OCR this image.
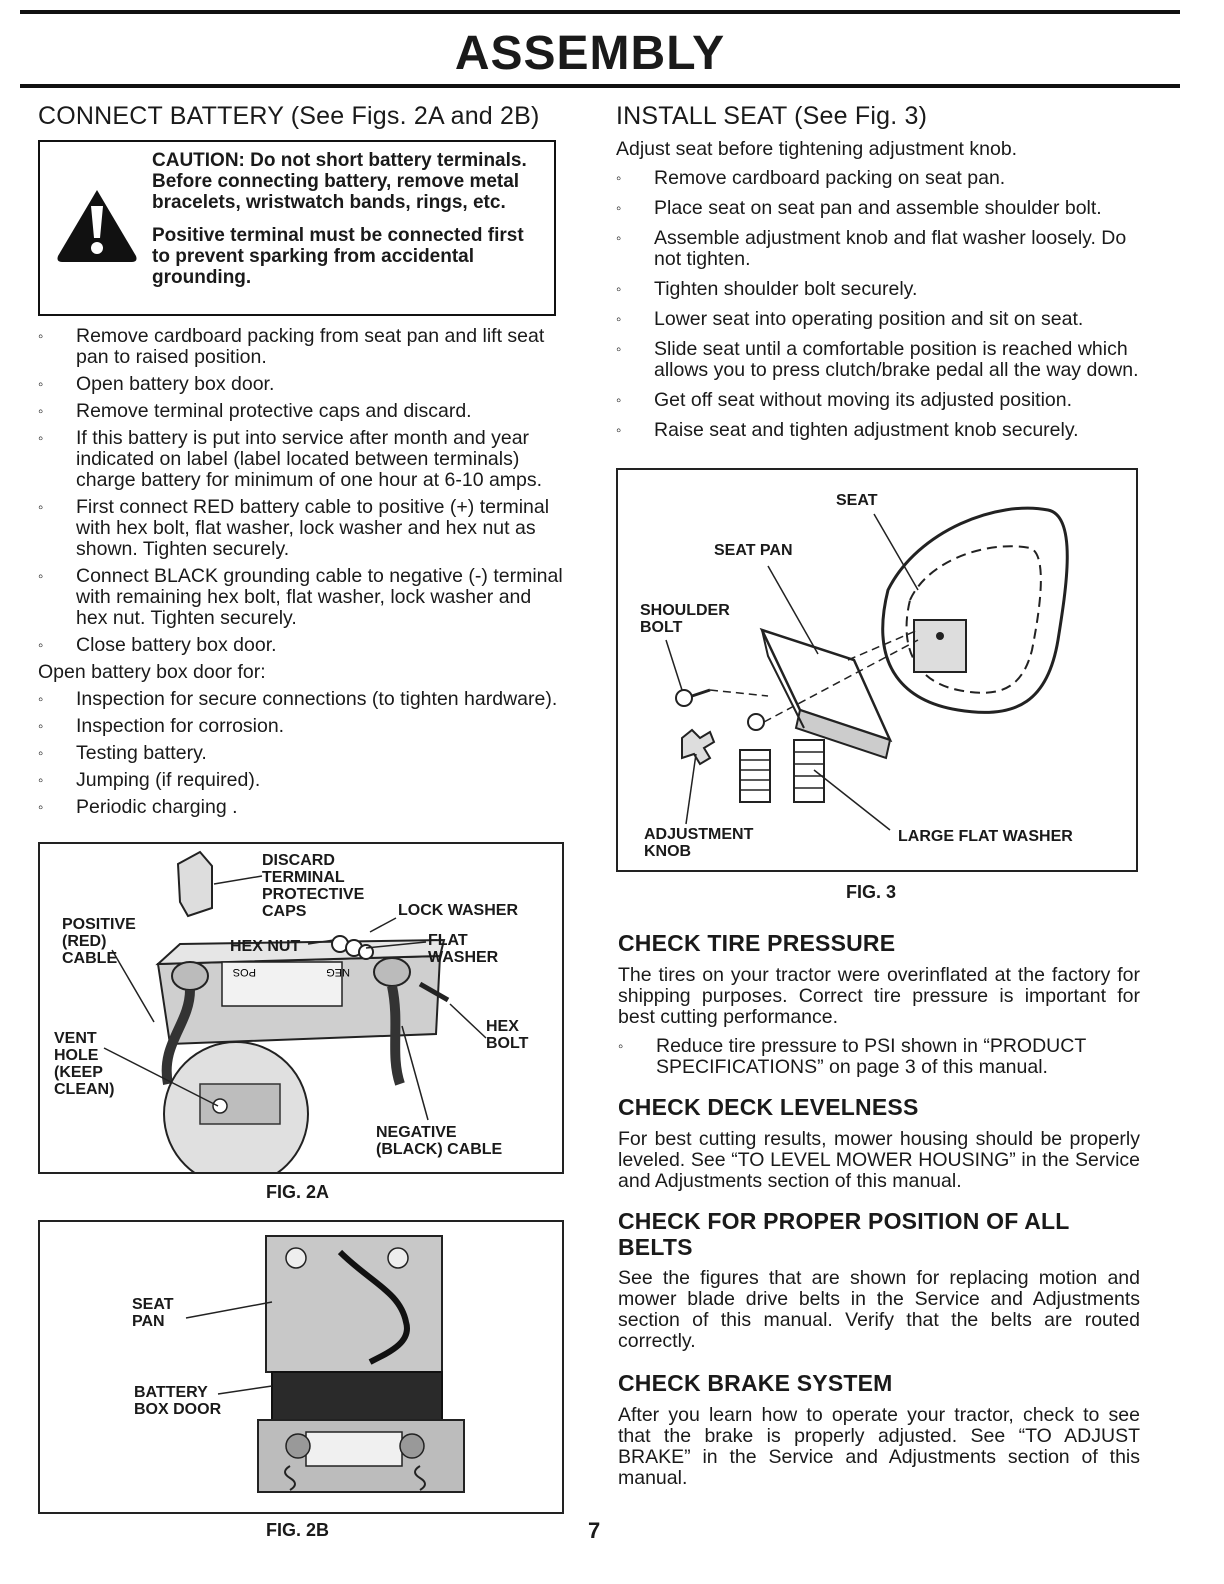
ASSEMBLY
CONNECT BATTERY (See Figs. 2A and 2B)
CAUTION: Do not short battery terminals. Before connecting battery, remove metal bracelets, wristwatch bands, rings, etc.
Positive terminal must be connected first to prevent sparking from accidental grounding.
◦ Remove cardboard packing from seat pan and lift seat pan to raised position.
◦ Open battery box door.
◦ Remove terminal protective caps and discard.
◦ If this battery is put into service after month and year indicated on label (label located between terminals) charge battery for minimum of one hour at 6-10 amps.
◦ First connect RED battery cable to positive (+) terminal with hex bolt, flat washer, lock washer and hex nut as shown. Tighten securely.
◦ Connect BLACK grounding cable to negative (-) terminal with remaining hex bolt, flat washer, lock washer and hex nut. Tighten securely.
◦ Close battery box door.

Open battery box door for:

◦ Inspection for secure connections (to tighten hardware).
◦ Inspection for corrosion.
◦ Testing battery.
◦ Jumping (if required).
◦ Periodic charging .
POS	NEG
DISCARD
TERMINAL
PROTECTIVE
CAPS	LOCK WASHER
POSITIVE
(RED)
CABLE
HEX NUT	FLAT
WASHER
HEX
BOLT
VENT
HOLE
(KEEP
CLEAN)
NEGATIVE
(BLACK) CABLE
FIG. 2A
SEAT
PAN
BATTERY
BOX DOOR
FIG. 2B
INSTALL SEAT (See Fig. 3)

Adjust seat before tightening adjustment knob.

◦ Remove cardboard packing on seat pan.
◦ Place seat on seat pan and assemble shoulder bolt.
◦ Assemble adjustment knob and flat washer loosely. Do not tighten.
◦ Tighten shoulder bolt securely.
◦ Lower seat into operating position and sit on seat.
◦ Slide seat until a comfortable position is reached which allows you to press clutch/brake pedal all the way down.
◦ Get off seat without moving its adjusted position.
◦ Raise seat and tighten adjustment knob securely.
SEAT
SEAT PAN
SHOULDER
BOLT
ADJUSTMENT
KNOB
LARGE FLAT WASHER
FIG. 3
CHECK TIRE PRESSURE

The tires on your tractor were overinflated at the factory for shipping purposes. Correct tire pressure is important for best cutting performance.

◦ Reduce tire pressure to PSI shown in “PRODUCT SPECIFICATIONS” on page 3 of this manual.
CHECK DECK LEVELNESS

For best cutting results, mower housing should be properly leveled. See “TO LEVEL MOWER HOUSING” in the Service and Adjustments section of this manual.

CHECK FOR PROPER POSITION OF ALL BELTS

See the figures that are shown for replacing motion and mower blade drive belts in the Service and Adjustments section of this manual. Verify that the belts are routed correctly.

CHECK BRAKE SYSTEM

After you learn how to operate your tractor, check to see that the brake is properly adjusted. See “TO ADJUST BRAKE” in the Service and Adjustments section of this manual.

7
